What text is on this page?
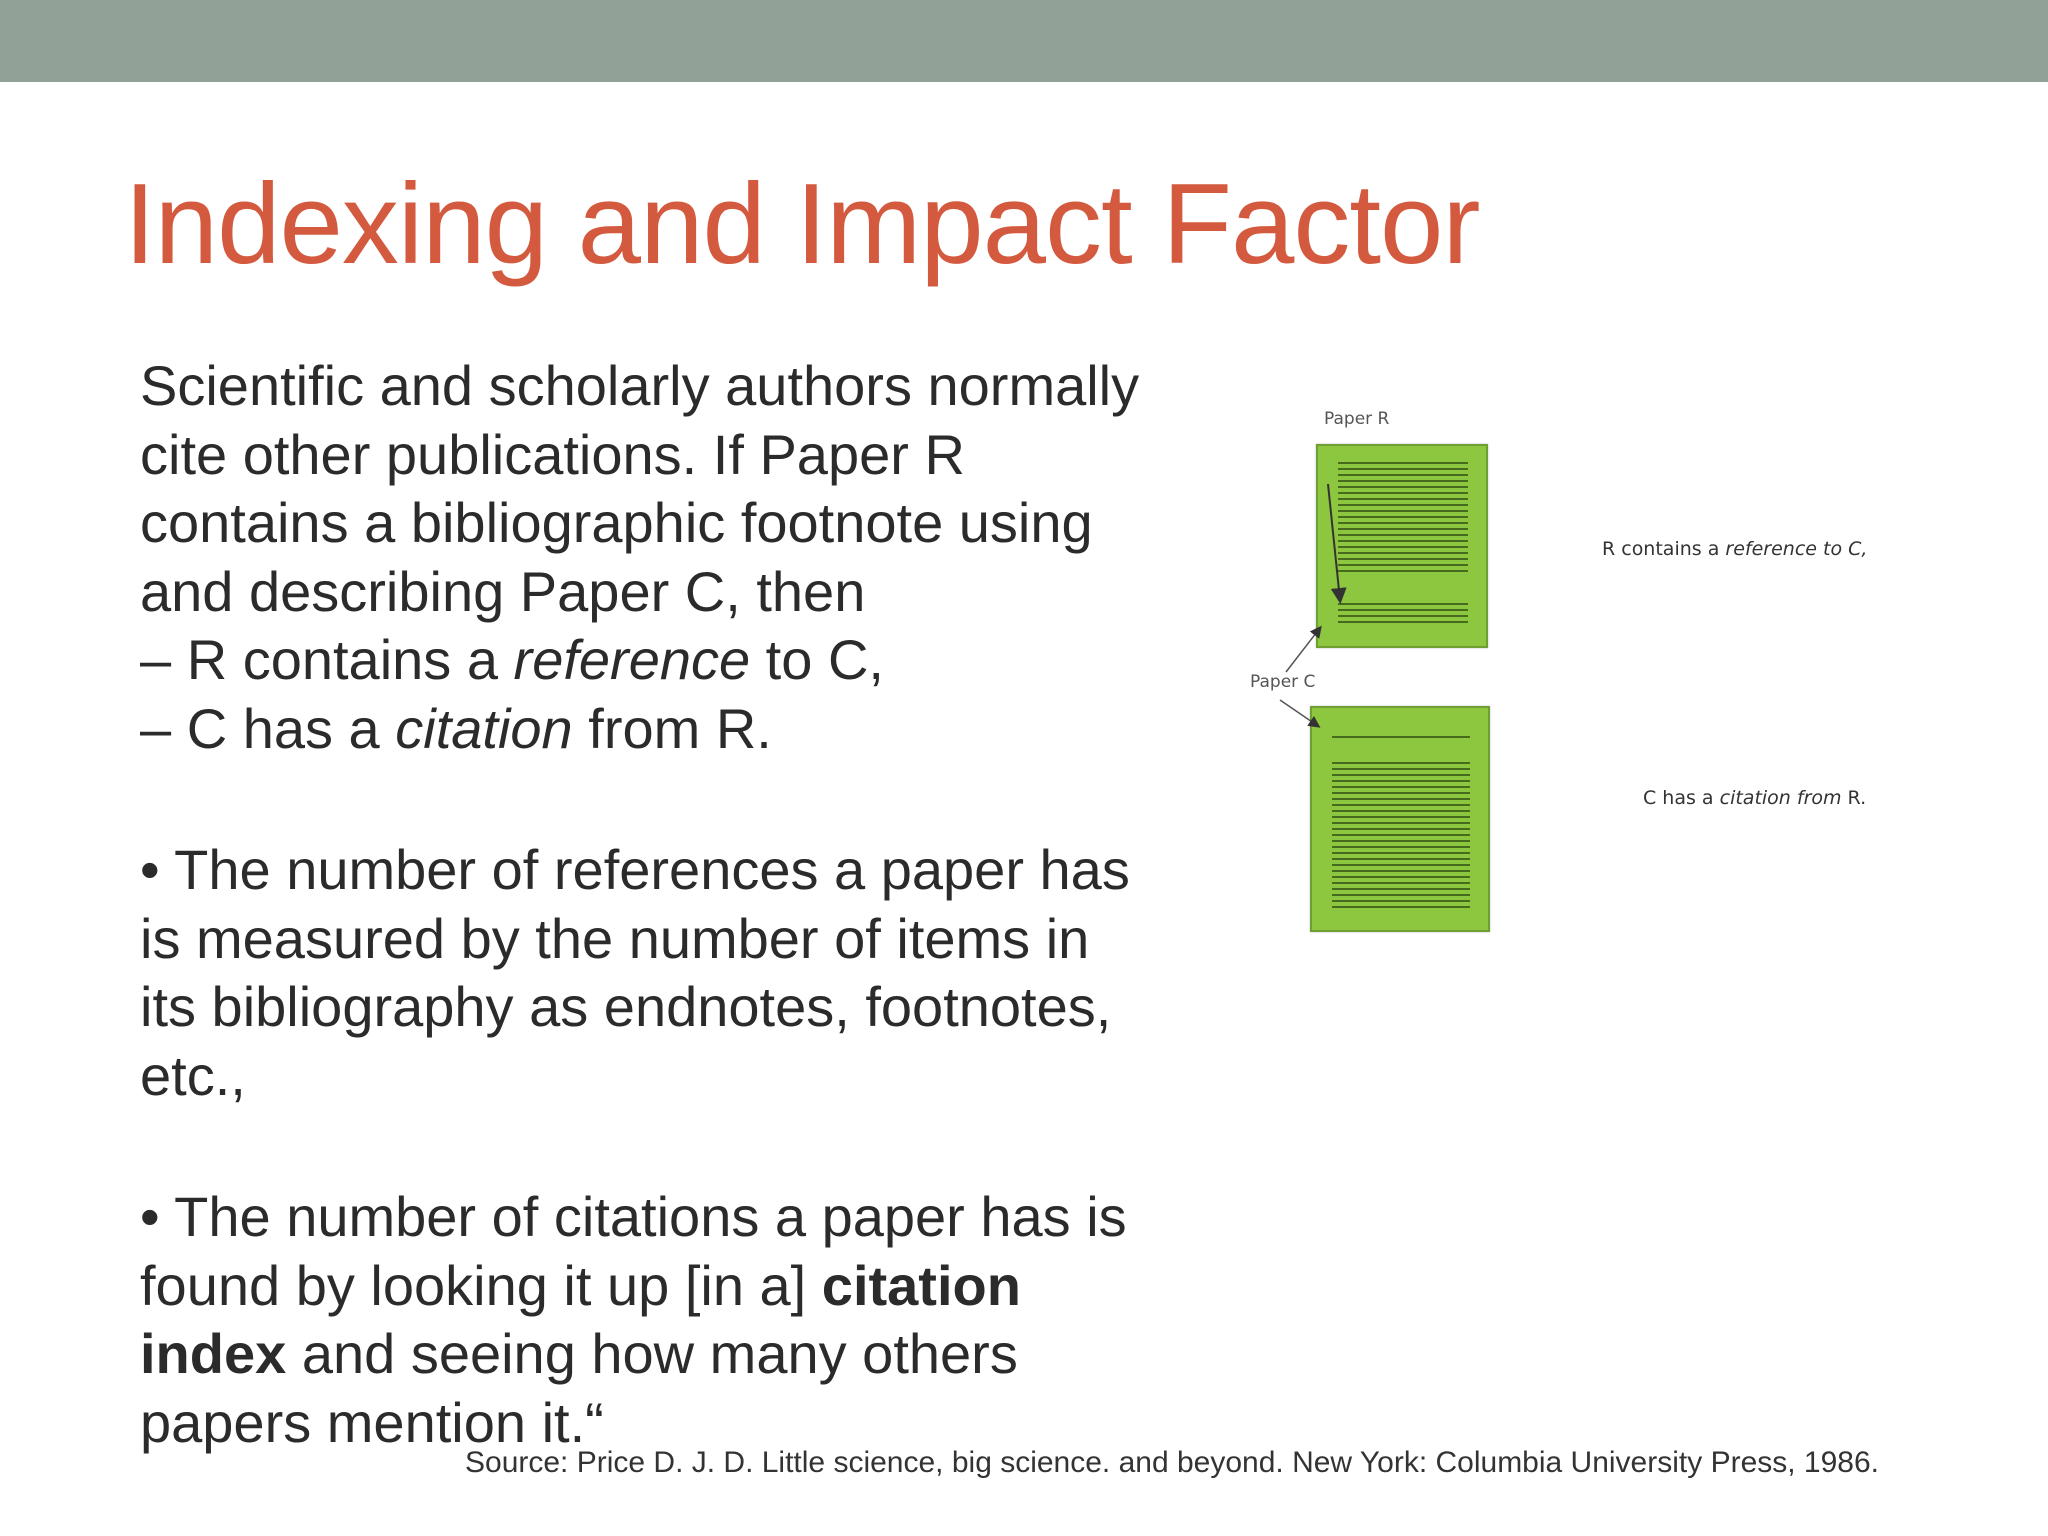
Indexing and Impact Factor

Scientific and scholarly authors normally

cite other publications. If Paper R

contains a bibliographic footnote using

and describing Paper C, then

– R contains a reference to C,

– C has a citation from R.

• The number of references a paper has

is measured by the number of items in

its bibliography as endnotes, footnotes,

etc.,

• The number of citations a paper has is

found by looking it up [in a] citation

index and seeing how many others

papers mention it.“

Source: Price D. J. D. Little science, big science. and beyond. New York: Columbia University Press, 1986.
Paper R
Paper C
R contains a reference to C,
C has a citation from R.
